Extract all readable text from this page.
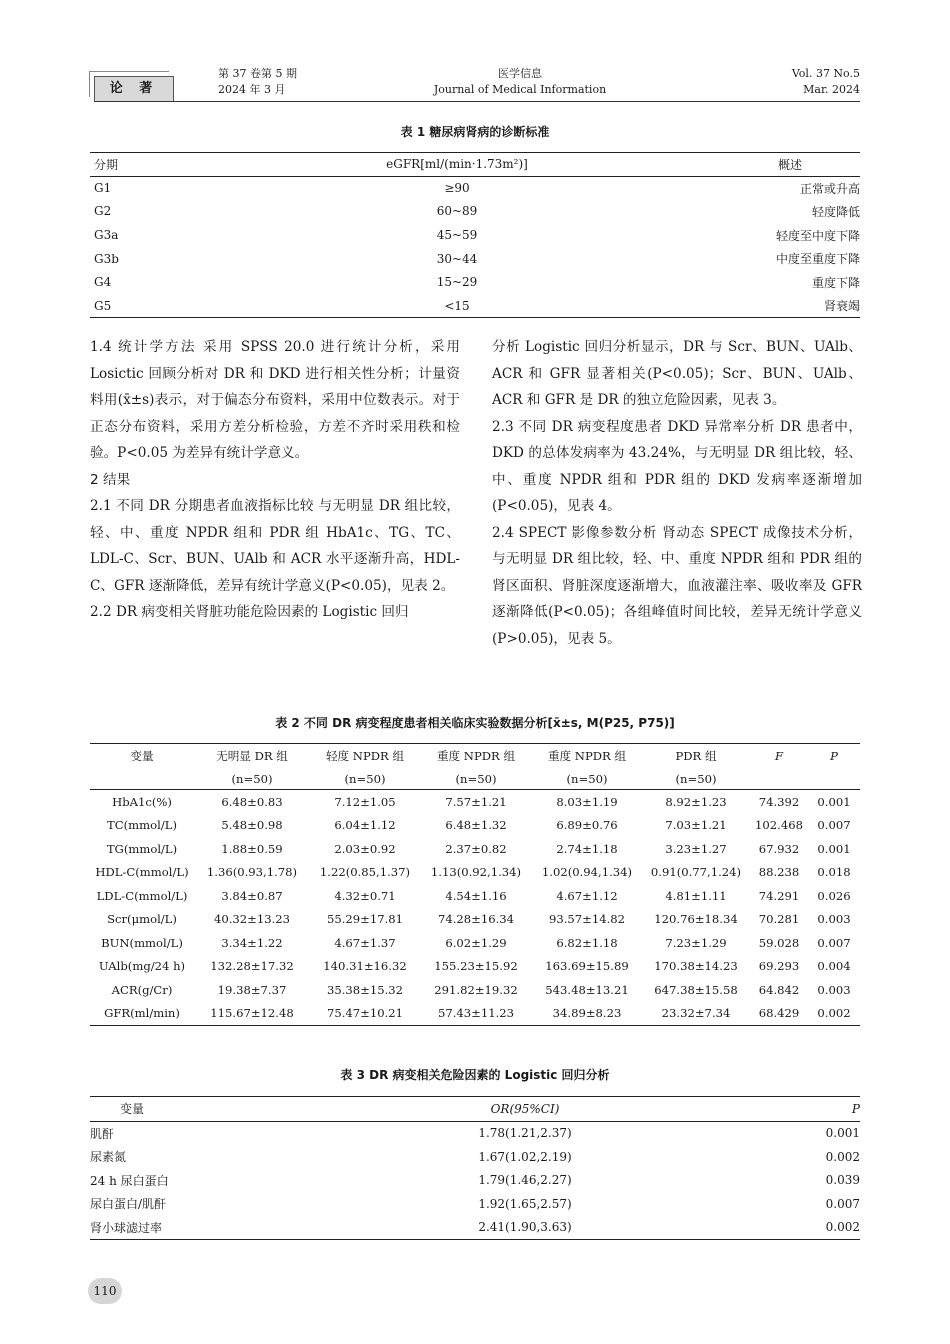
论 著
第 37 卷第 5 期
2024 年 3 月
医学信息
Journal of Medical Information
Vol. 37 No.5
Mar. 2024
表 1 糖尿病肾病的诊断标准
分期	eGFR[ml/(min·1.73m²)]	概述
G1	≥90	正常或升高
G2	60~89	轻度降低
G3a	45~59	轻度至中度下降
G3b	30~44	中度至重度下降
G4	15~29	重度下降
G5	<15	肾衰竭

1.4 统计学方法 采用 SPSS 20.0 进行统计分析，采用 Losictic 回顾分析对 DR 和 DKD 进行相关性分析；计量资料用(x̄±s)表示，对于偏态分布资料，采用中位数表示。对于正态分布资料，采用方差分析检验，方差不齐时采用秩和检验。P<0.05 为差异有统计学意义。

2 结果

2.1 不同 DR 分期患者血液指标比较 与无明显 DR 组比较，轻、中、重度 NPDR 组和 PDR 组 HbA1c、TG、TC、LDL-C、Scr、BUN、UAlb 和 ACR 水平逐渐升高，HDL-C、GFR 逐渐降低，差异有统计学意义(P<0.05)，见表 2。

2.2 DR 病变相关肾脏功能危险因素的 Logistic 回归

分析 Logistic 回归分析显示，DR 与 Scr、BUN、UAlb、ACR 和 GFR 显著相关(P<0.05)；Scr、BUN、UAlb、ACR 和 GFR 是 DR 的独立危险因素，见表 3。

2.3 不同 DR 病变程度患者 DKD 异常率分析 DR 患者中，DKD 的总体发病率为 43.24%，与无明显 DR 组比较，轻、中、重度 NPDR 组和 PDR 组的 DKD 发病率逐渐增加(P<0.05)，见表 4。

2.4 SPECT 影像参数分析 肾动态 SPECT 成像技术分析，与无明显 DR 组比较，轻、中、重度 NPDR 组和 PDR 组的肾区面积、肾脏深度逐渐增大，血液灌注率、吸收率及 GFR 逐渐降低(P<0.05)；各组峰值时间比较，差异无统计学意义(P>0.05)，见表 5。

表 2 不同 DR 病变程度患者相关临床实验数据分析[x̄±s, M(P25, P75)]
变量	无明显 DR 组	轻度 NPDR 组	重度 NPDR 组	重度 NPDR 组	PDR 组	F	P
	(n=50)	(n=50)	(n=50)	(n=50)	(n=50)		
HbA1c(%)	6.48±0.83	7.12±1.05	7.57±1.21	8.03±1.19	8.92±1.23	74.392	0.001
TC(mmol/L)	5.48±0.98	6.04±1.12	6.48±1.32	6.89±0.76	7.03±1.21	102.468	0.007
TG(mmol/L)	1.88±0.59	2.03±0.92	2.37±0.82	2.74±1.18	3.23±1.27	67.932	0.001
HDL-C(mmol/L)	1.36(0.93,1.78)	1.22(0.85,1.37)	1.13(0.92,1.34)	1.02(0.94,1.34)	0.91(0.77,1.24)	88.238	0.018
LDL-C(mmol/L)	3.84±0.87	4.32±0.71	4.54±1.16	4.67±1.12	4.81±1.11	74.291	0.026
Scr(μmol/L)	40.32±13.23	55.29±17.81	74.28±16.34	93.57±14.82	120.76±18.34	70.281	0.003
BUN(mmol/L)	3.34±1.22	4.67±1.37	6.02±1.29	6.82±1.18	7.23±1.29	59.028	0.007
UAlb(mg/24 h)	132.28±17.32	140.31±16.32	155.23±15.92	163.69±15.89	170.38±14.23	69.293	0.004
ACR(g/Cr)	19.38±7.37	35.38±15.32	291.82±19.32	543.48±13.21	647.38±15.58	64.842	0.003
GFR(ml/min)	115.67±12.48	75.47±10.21	57.43±11.23	34.89±8.23	23.32±7.34	68.429	0.002
表 3 DR 病变相关危险因素的 Logistic 回归分析
变量	OR(95%CI)	P
肌酐	1.78(1.21,2.37)	0.001
尿素氮	1.67(1.02,2.19)	0.002
24 h 尿白蛋白	1.79(1.46,2.27)	0.039
尿白蛋白/肌酐	1.92(1.65,2.57)	0.007
肾小球滤过率	2.41(1.90,3.63)	0.002
110
